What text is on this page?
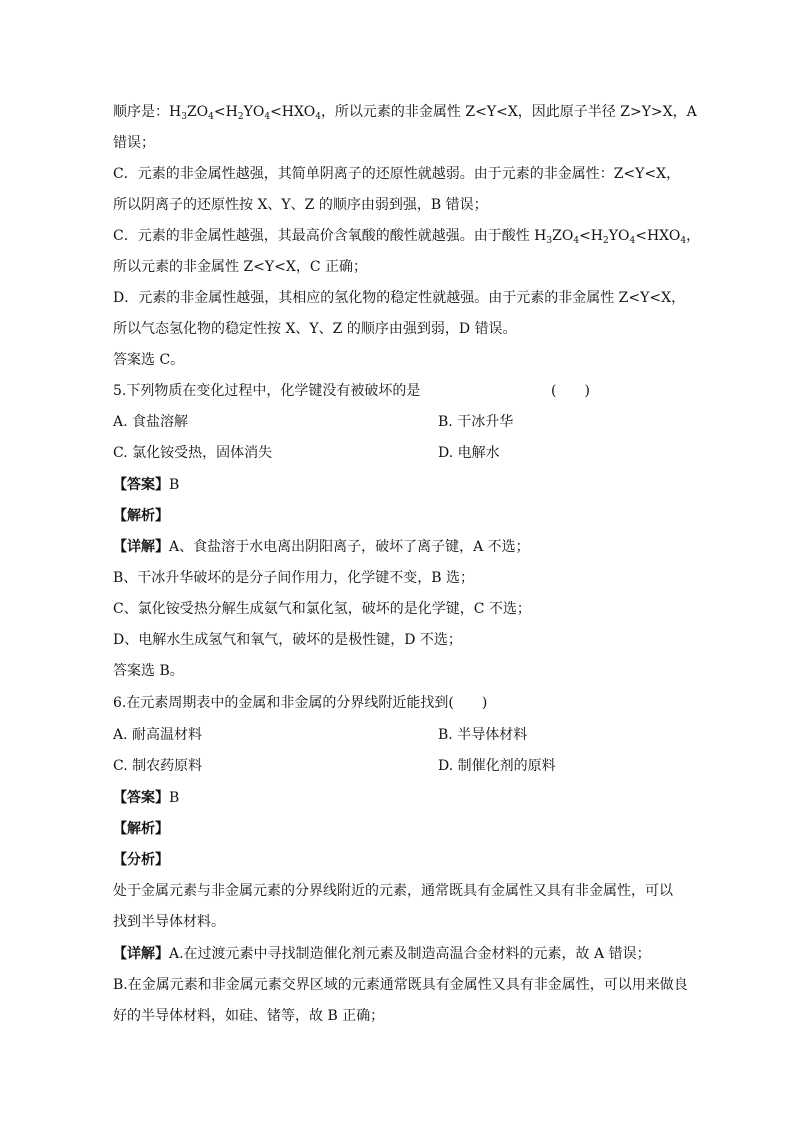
顺序是：$H_3ZO_4<H_2YO_4<HXO_4$，所以元素的非金属性 Z<Y<X，因此原子半径 Z>Y>X，A
错误；
C．元素的非金属性越强，其简单阴离子的还原性就越弱。由于元素的非金属性：Z<Y<X，
所以阴离子的还原性按 X、Y、Z 的顺序由弱到强，B 错误；
C．元素的非金属性越强，其最高价含氧酸的酸性就越强。由于酸性 $H_3ZO_4<H_2YO_4<HXO_4$，
所以元素的非金属性 Z<Y<X，C 正确；
D．元素的非金属性越强，其相应的氢化物的稳定性就越强。由于元素的非金属性 Z<Y<X，
所以气态氢化物的稳定性按 X、Y、Z 的顺序由强到弱，D 错误。
答案选 C。
5.下列物质在变化过程中，化学键没有被破坏的是	(　　)
A. 食盐溶解	B. 干冰升华
C. 氯化铵受热，固体消失	D. 电解水
【答案】B
【解析】
【详解】A、食盐溶于水电离出阴阳离子，破坏了离子键，A 不选；
B、干冰升华破坏的是分子间作用力，化学键不变，B 选；
C、氯化铵受热分解生成氨气和氯化氢，破坏的是化学键，C 不选；
D、电解水生成氢气和氧气，破坏的是极性键，D 不选；
答案选 B。
6.在元素周期表中的金属和非金属的分界线附近能找到(　　)
A. 耐高温材料	B. 半导体材料
C. 制农药原料	D. 制催化剂的原料
【答案】B
【解析】
【分析】
处于金属元素与非金属元素的分界线附近的元素，通常既具有金属性又具有非金属性，可以
找到半导体材料。
【详解】A.在过渡元素中寻找制造催化剂元素及制造高温合金材料的元素，故 A 错误；
B.在金属元素和非金属元素交界区域的元素通常既具有金属性又具有非金属性，可以用来做良
好的半导体材料，如硅、锗等，故 B 正确；
